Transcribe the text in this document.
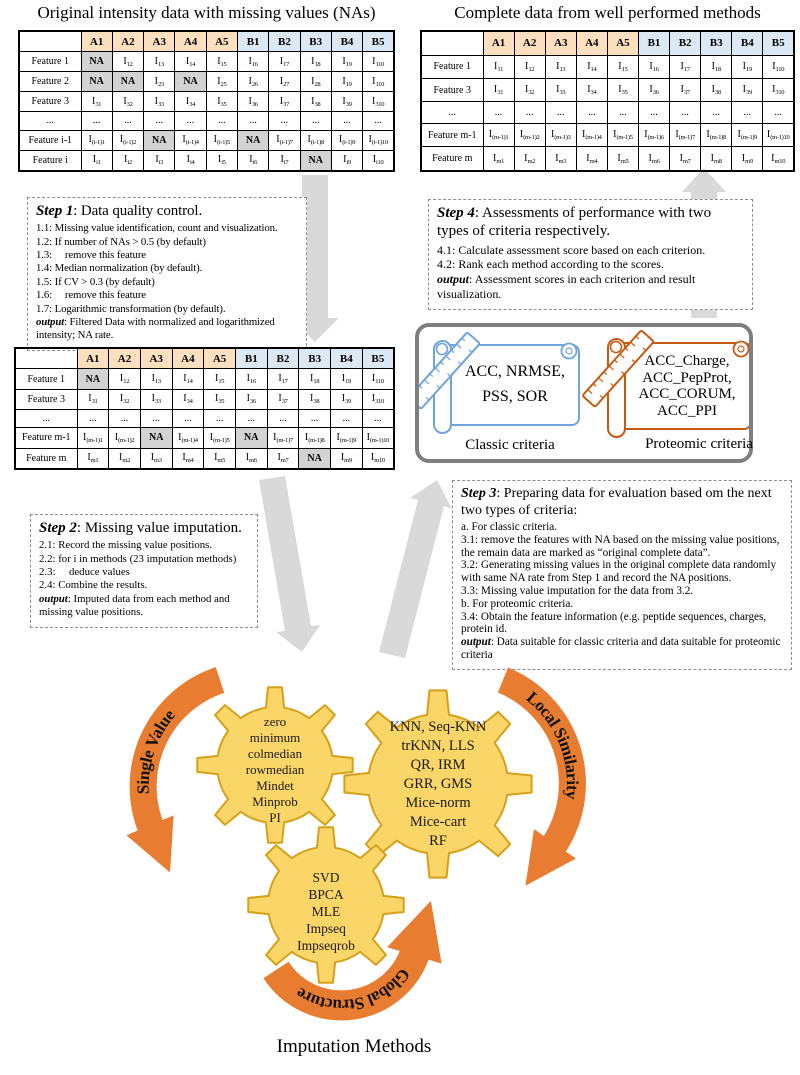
Original intensity data with missing values (NAs)
	A1	A2	A3	A4	A5	B1	B2	B3	B4	B5
Feature 1	NA	$I_{12}$	$I_{13}$	$I_{14}$	$I_{15}$	$I_{16}$	$I_{17}$	$I_{18}$	$I_{19}$	$I_{110}$
Feature 2	NA	NA	$I_{23}$	NA	$I_{25}$	$I_{26}$	$I_{27}$	$I_{28}$	$I_{19}$	$I_{110}$
Feature 3	$I_{31}$	$I_{32}$	$I_{33}$	$I_{34}$	$I_{35}$	$I_{36}$	$I_{37}$	$I_{38}$	$I_{39}$	$I_{310}$
...	...	...	...	...	...	...	...	...	...	...
Feature i-1	$I_{(i-1)1}$	$I_{(i-1)2}$	NA	$I_{(i-1)4}$	$I_{(i-1)5}$	NA	$I_{(i-1)7}$	$I_{(i-1)8}$	$I_{(i-1)9}$	$I_{(i-1)10}$
Feature i	$I_{i1}$	$I_{i2}$	$I_{i3}$	$I_{i4}$	$I_{i5}$	$I_{i6}$	$I_{i7}$	NA	$I_{i9}$	$I_{i10}$
Step 1: Data quality control.
1.1: Missing value identification, count and visualization.
1.2: If number of NAs > 0.5 (by default)
1.3:     remove this feature
1.4: Median normalization (by default).
1.5: If CV > 0.3 (by default)
1.6:     remove this feature
1.7: Logarithmic transformation (by default).
output: Filtered Data with normalized and logarithmized intensity; NA rate.
	A1	A2	A3	A4	A5	B1	B2	B3	B4	B5
Feature 1	NA	$I_{12}$	$I_{13}$	$I_{14}$	$I_{15}$	$I_{16}$	$I_{17}$	$I_{18}$	$I_{19}$	$I_{110}$
Feature 3	$I_{31}$	$I_{32}$	$I_{33}$	$I_{34}$	$I_{35}$	$I_{36}$	$I_{37}$	$I_{38}$	$I_{39}$	$I_{310}$
...	...	...	...	...	...	...	...	...	...	...
Feature m-1	$I_{(m-1)1}$	$I_{(m-1)2}$	NA	$I_{(m-1)4}$	$I_{(m-1)5}$	NA	$I_{(m-1)7}$	$I_{(m-1)8}$	$I_{(m-1)9}$	$I_{(m-1)10}$
Feature m	$I_{m1}$	$I_{m2}$	$I_{m3}$	$I_{m4}$	$I_{m5}$	$I_{m6}$	$I_{m7}$	NA	$I_{m9}$	$I_{m10}$
Step 2: Missing value imputation.
2.1: Record the missing value positions.
2.2: for i in methods (23 imputation methods)
2.3:     deduce values
2.4: Combine the results.
output: Imputed data from each method and missing value positions.
Complete data from well performed methods
	A1	A2	A3	A4	A5	B1	B2	B3	B4	B5
Feature 1	$I_{11}$	$I_{12}$	$I_{13}$	$I_{14}$	$I_{15}$	$I_{16}$	$I_{17}$	$I_{18}$	$I_{19}$	$I_{110}$
Feature 3	$I_{31}$	$I_{32}$	$I_{33}$	$I_{34}$	$I_{35}$	$I_{36}$	$I_{37}$	$I_{38}$	$I_{39}$	$I_{310}$
...	...	...	...	...	...	...	...	...	...	...
Feature m-1	$I_{(m-1)1}$	$I_{(m-1)2}$	$I_{(m-1)3}$	$I_{(m-1)4}$	$I_{(m-1)5}$	$I_{(m-1)6}$	$I_{(m-1)7}$	$I_{(m-1)8}$	$I_{(m-1)9}$	$I_{(m-1)10}$
Feature m	$I_{m1}$	$I_{m2}$	$I_{m3}$	$I_{m4}$	$I_{m5}$	$I_{m6}$	$I_{m7}$	$I_{m8}$	$I_{m9}$	$I_{m10}$
Step 4: Assessments of performance with two types of criteria respectively.
4.1: Calculate assessment score based on each criterion.
4.2: Rank each method according to the scores.
output: Assessment scores in each criterion and result visualization.
ACC, NRMSE,
PSS, SOR
ACC_Charge,
ACC_PepProt,
ACC_CORUM,
ACC_PPI
Classic criteria	Proteomic criteria
Step 3: Preparing data for evaluation based om the next two types of criteria:
a. For classic criteria.
3.1: remove the features with NA based on the missing value positions, the remain data are marked as “original complete data”.
3.2: Generating missing values in the original complete data randomly with same NA rate from Step 1 and record the NA positions.
3.3: Missing value imputation for the data from 3.2.
b. For proteomic criteria.
3.4: Obtain the feature information (e.g. peptide sequences, charges, protein id.
output: Data suitable for classic criteria and data suitable for proteomic criteria
Single Value
Local Similarity
Global Structure
zero
minimum
colmedian
rowmedian
Mindet
Minprob
PI
KNN, Seq-KNN
trKNN, LLS
QR, IRM
GRR, GMS
Mice-norm
Mice-cart
RF
SVD
BPCA
MLE
Impseq
Impseqrob
Imputation Methods
